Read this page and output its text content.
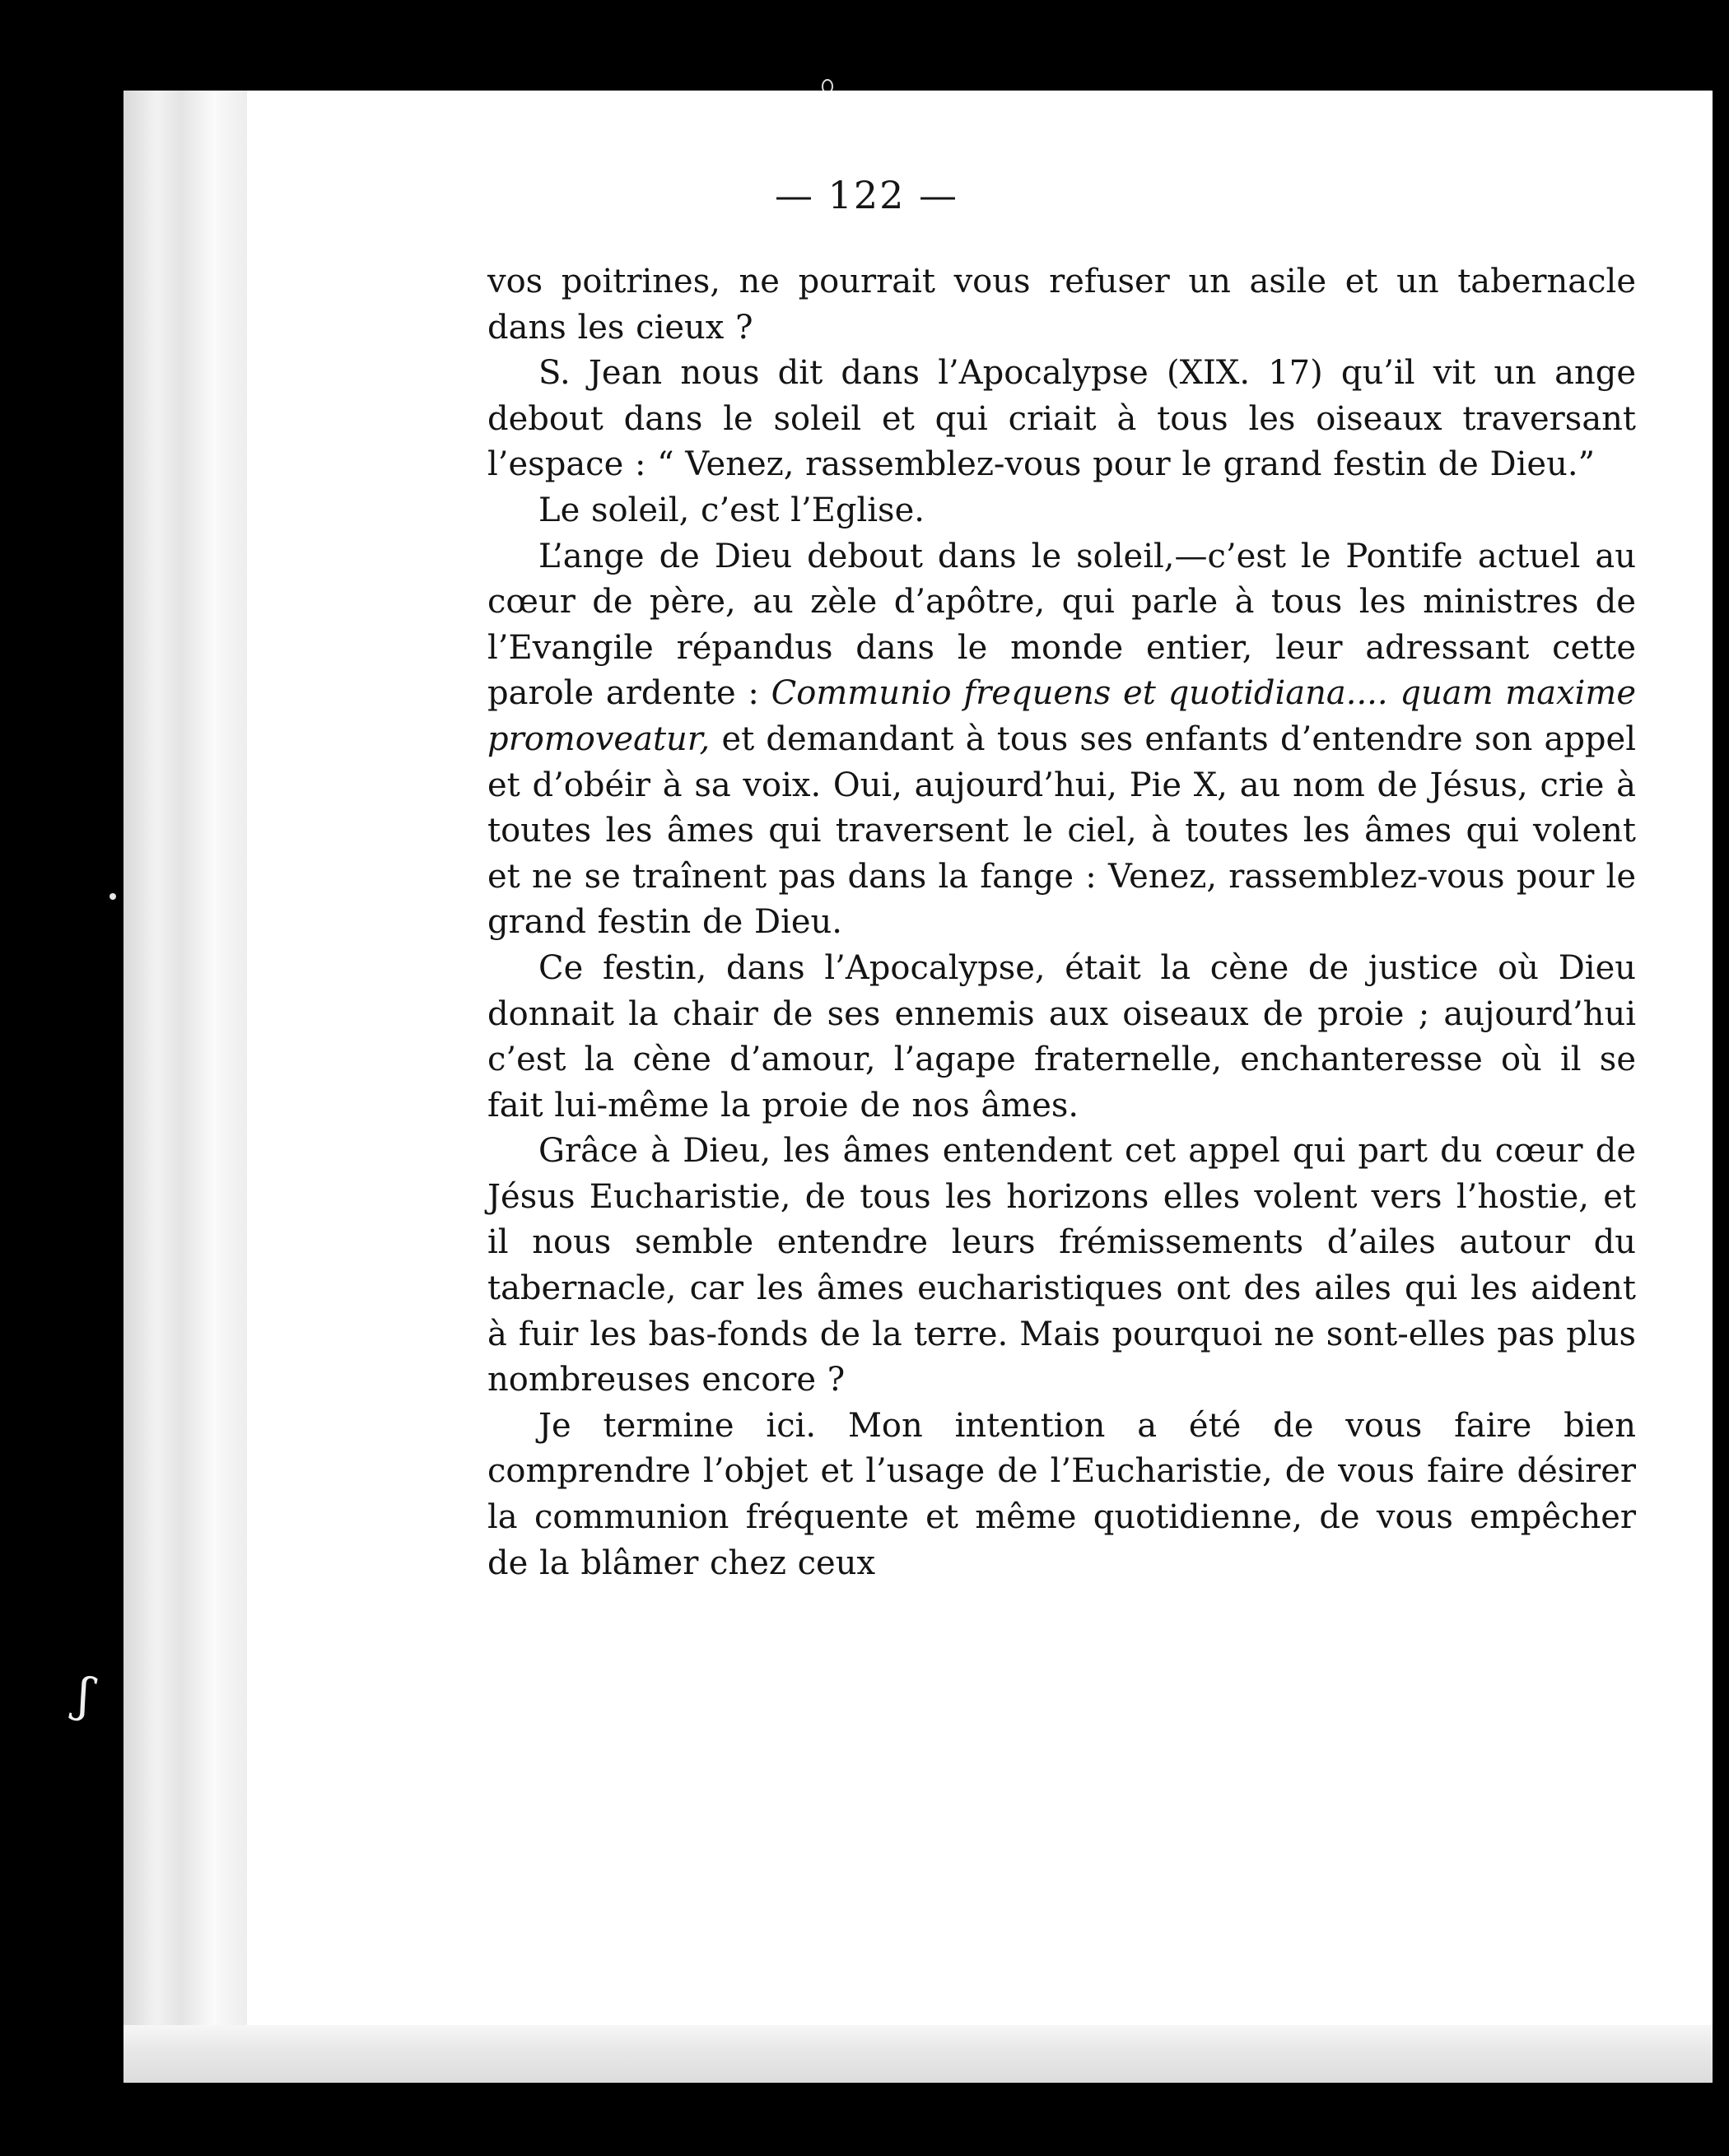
ʃ
— 122 —

vos poitrines, ne pourrait vous refuser un asile et un tabernacle dans les cieux ?

S. Jean nous dit dans l’Apocalypse (XIX. 17) qu’il vit un ange debout dans le soleil et qui criait à tous les oiseaux traversant l’espace : “ Venez, rassemblez-vous pour le grand festin de Dieu.”

Le soleil, c’est l’Eglise.

L’ange de Dieu debout dans le soleil,—c’est le Pontife actuel au cœur de père, au zèle d’apôtre, qui parle à tous les ministres de l’Evangile répandus dans le monde entier, leur adressant cette parole ardente : Communio frequens et quotidiana.... quam maxime promoveatur, et demandant à tous ses enfants d’entendre son appel et d’obéir à sa voix. Oui, aujourd’hui, Pie X, au nom de Jésus, crie à toutes les âmes qui traversent le ciel, à toutes les âmes qui volent et ne se traînent pas dans la fange : Venez, rassemblez-vous pour le grand festin de Dieu.

Ce festin, dans l’Apocalypse, était la cène de justice où Dieu donnait la chair de ses ennemis aux oiseaux de proie ; aujourd’hui c’est la cène d’amour, l’agape fraternelle, enchanteresse où il se fait lui-même la proie de nos âmes.

Grâce à Dieu, les âmes entendent cet appel qui part du cœur de Jésus Eucharistie, de tous les horizons elles volent vers l’hostie, et il nous semble entendre leurs frémissements d’ailes autour du tabernacle, car les âmes eucharistiques ont des ailes qui les aident à fuir les bas-fonds de la terre. Mais pourquoi ne sont-elles pas plus nombreuses encore ?

Je termine ici. Mon intention a été de vous faire bien comprendre l’objet et l’usage de l’Eucharistie, de vous faire désirer la communion fréquente et même quotidienne, de vous empêcher de la blâmer chez ceux
